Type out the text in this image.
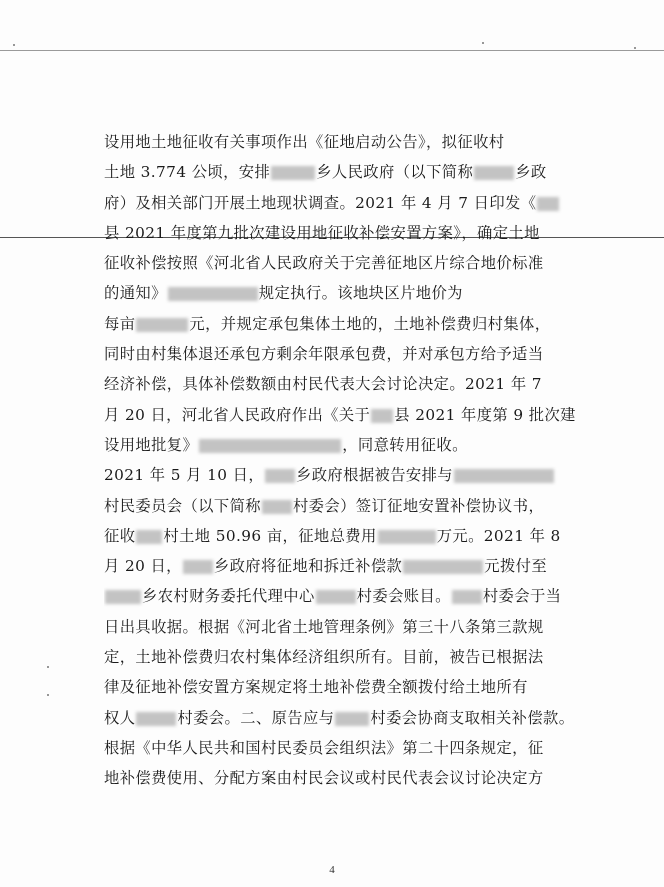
设用地土地征收有关事项作出《征地启动公告》，拟征收村
土地 3.774 公顷，安排	乡人民政府（以下简称	乡政
府）及相关部门开展土地现状调查。2021 年 4 月 7 日印发《
县 2021 年度第九批次建设用地征收补偿安置方案》，确定土地
征收补偿按照《河北省人民政府关于完善征地区片综合地价标准
的通知》	规定执行。该地块区片地价为
每亩	元，并规定承包集体土地的，土地补偿费归村集体，
同时由村集体退还承包方剩余年限承包费，并对承包方给予适当
经济补偿，具体补偿数额由村民代表大会讨论决定。2021 年 7
月 20 日，河北省人民政府作出《关于 县 2021 年度第 9 批次建
设用地批复》	，同意转用征收。
2021 年 5 月 10 日， 乡政府根据被告安排与
村民委员会（以下简称 村委会）签订征地安置补偿协议书，
征收 村土地 50.96 亩，征地总费用	万元。2021 年 8
月 20 日， 乡政府将征地和拆迁补偿款	元拨付至
乡农村财务委托代理中心	村委会账目。 村委会于当
日出具收据。根据《河北省土地管理条例》第三十八条第三款规
定，土地补偿费归农村集体经济组织所有。目前，被告已根据法
律及征地补偿安置方案规定将土地补偿费全额拨付给土地所有
权人	村委会。二、原告应与 村委会协商支取相关补偿款。
根据《中华人民共和国村民委员会组织法》第二十四条规定，征
地补偿费使用、分配方案由村民会议或村民代表会议讨论决定方
4
